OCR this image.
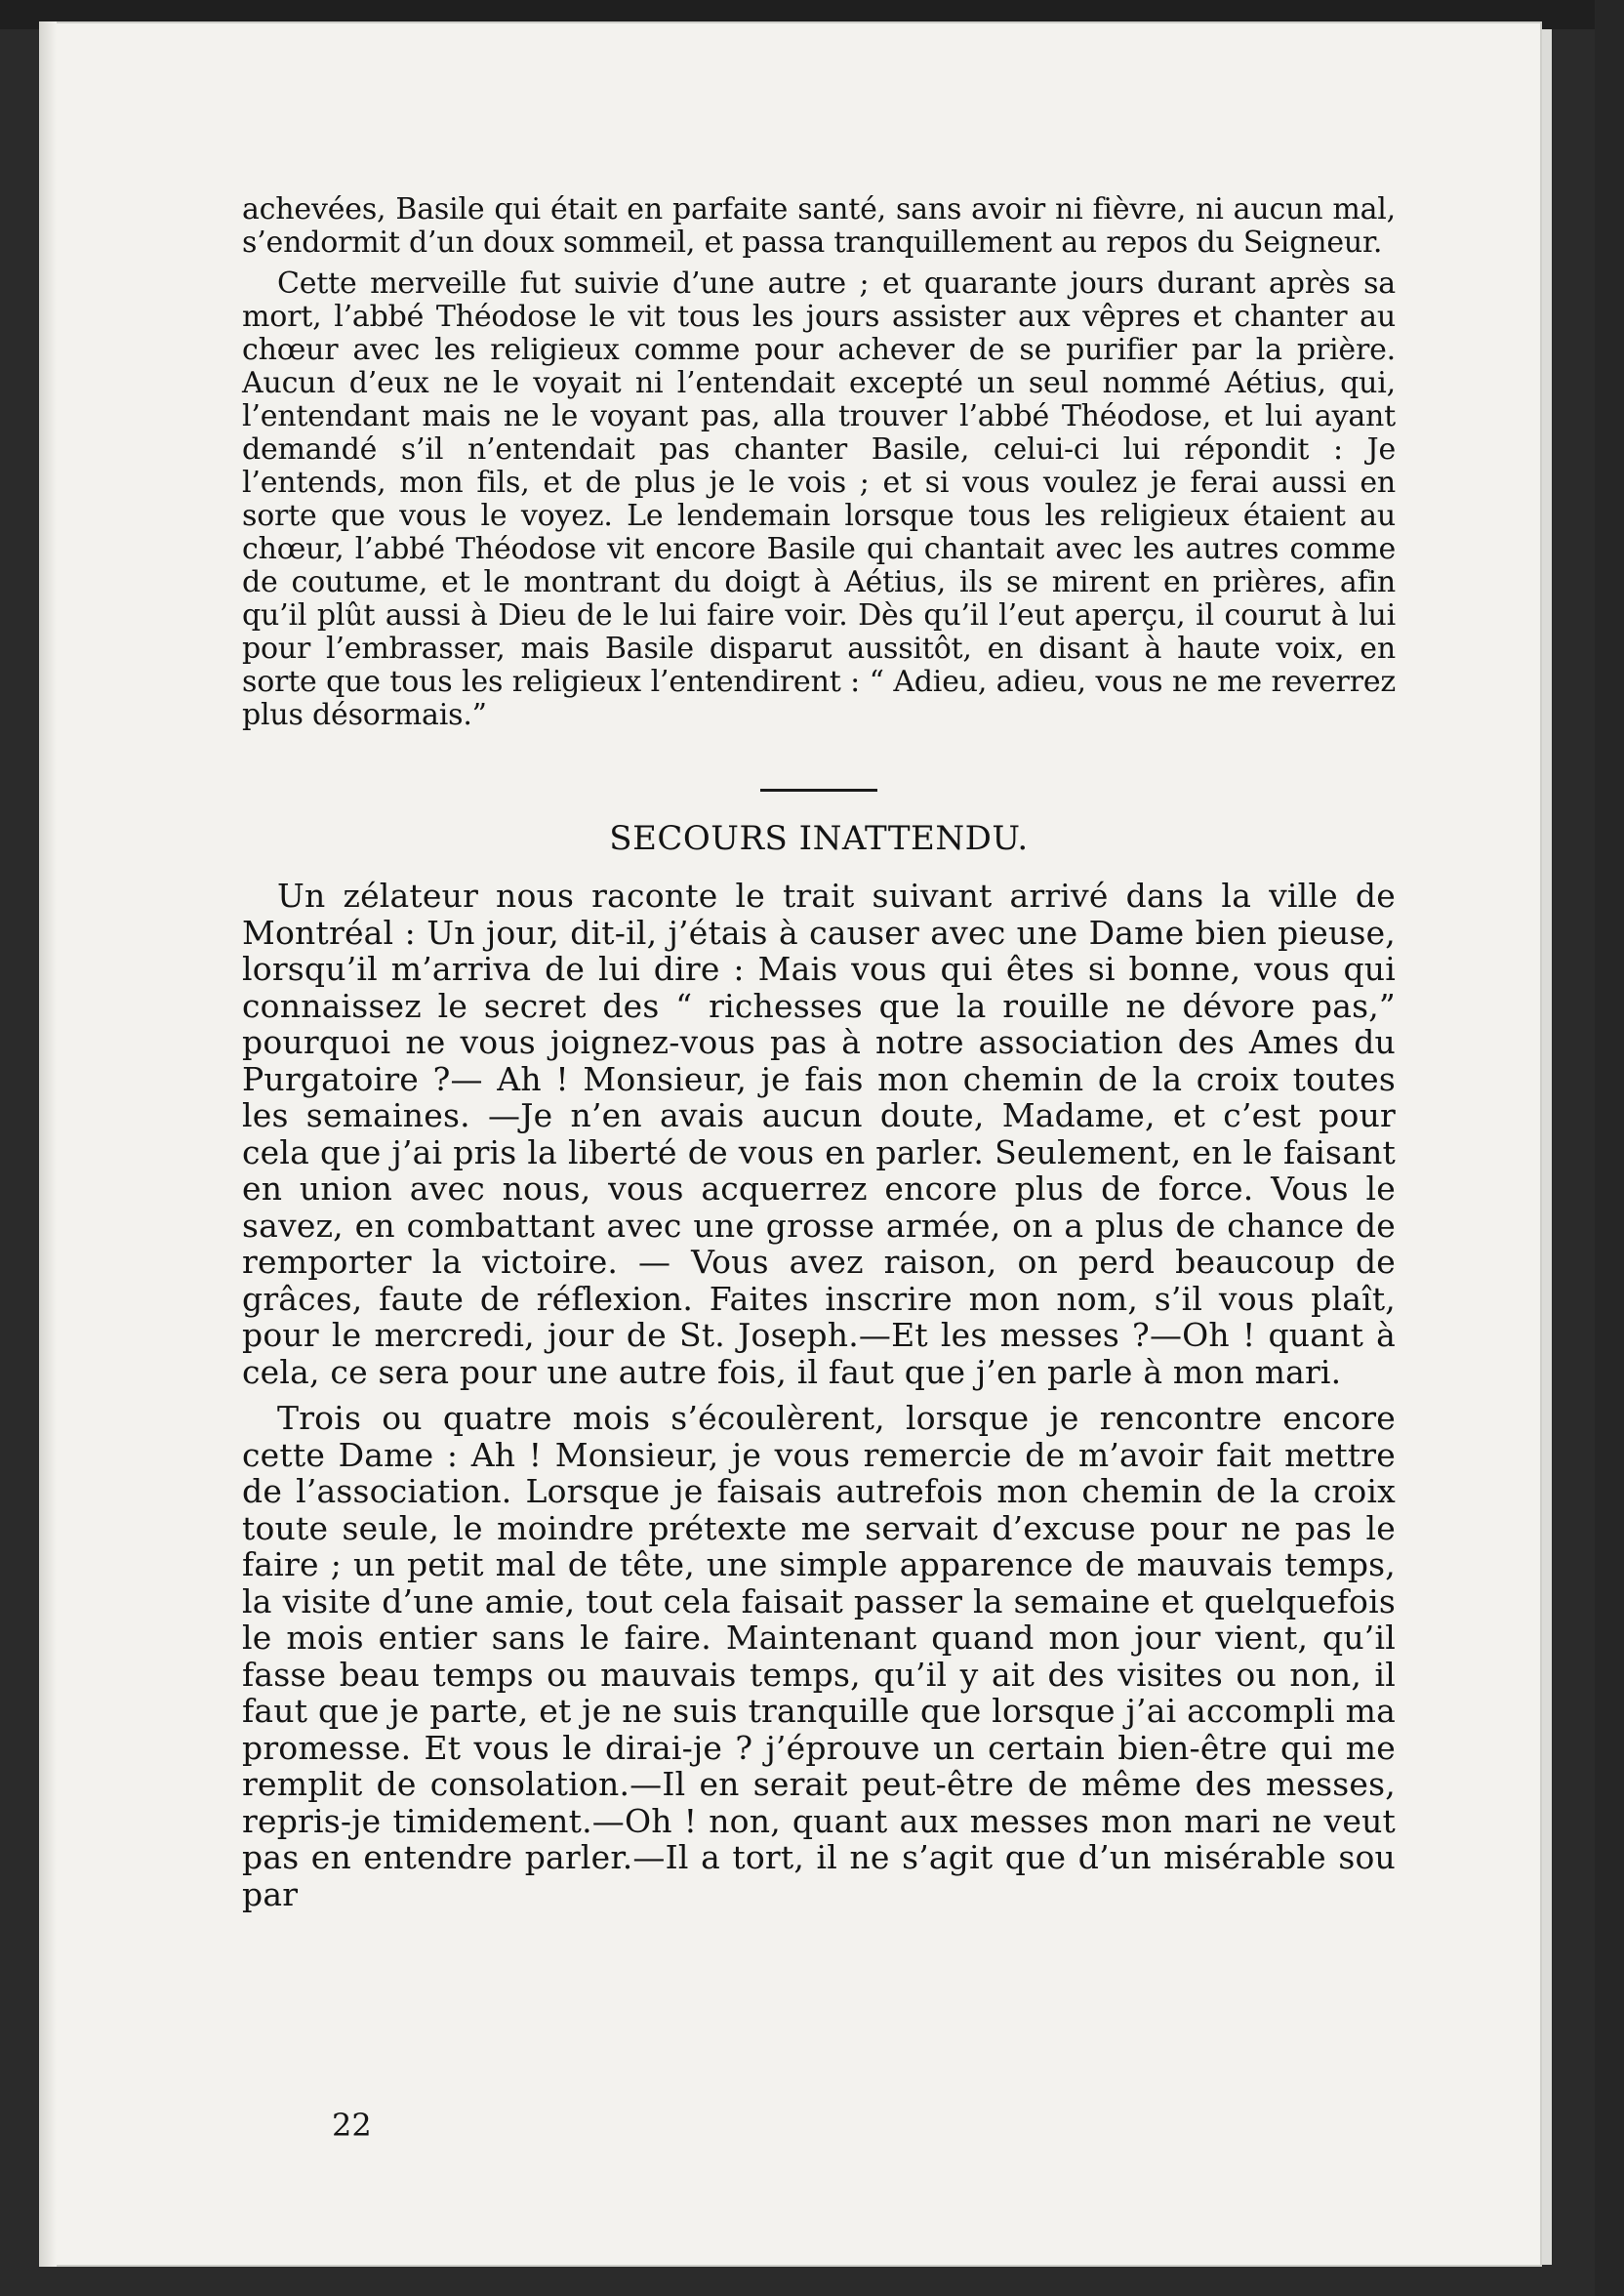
achevées, Basile qui était en parfaite santé, sans avoir ni fièvre, ni aucun mal, s’endormit d’un doux sommeil, et passa tranquillement au repos du Seigneur.

Cette merveille fut suivie d’une autre ; et quarante jours durant après sa mort, l’abbé Théodose le vit tous les jours assister aux vêpres et chanter au chœur avec les religieux comme pour achever de se purifier par la prière. Aucun d’eux ne le voyait ni l’entendait excepté un seul nommé Aétius, qui, l’entendant mais ne le voyant pas, alla trouver l’abbé Théodose, et lui ayant demandé s’il n’entendait pas chanter Basile, celui-ci lui répondit : Je l’entends, mon fils, et de plus je le vois ; et si vous voulez je ferai aussi en sorte que vous le voyez. Le lendemain lorsque tous les religieux étaient au chœur, l’abbé Théodose vit encore Basile qui chantait avec les autres comme de coutume, et le montrant du doigt à Aétius, ils se mirent en prières, afin qu’il plût aussi à Dieu de le lui faire voir. Dès qu’il l’eut aperçu, il courut à lui pour l’embrasser, mais Basile disparut aussitôt, en disant à haute voix, en sorte que tous les religieux l’entendirent : “ Adieu, adieu, vous ne me reverrez plus désormais.”

SECOURS INATTENDU.

Un zélateur nous raconte le trait suivant arrivé dans la ville de Montréal : Un jour, dit-il, j’étais à causer avec une Dame bien pieuse, lorsqu’il m’arriva de lui dire : Mais vous qui êtes si bonne, vous qui connaissez le secret des “ richesses que la rouille ne dévore pas,” pourquoi ne vous joignez-vous pas à notre association des Ames du Purgatoire ?— Ah ! Monsieur, je fais mon chemin de la croix toutes les semaines. —Je n’en avais aucun doute, Madame, et c’est pour cela que j’ai pris la liberté de vous en parler. Seulement, en le faisant en union avec nous, vous acquerrez encore plus de force. Vous le savez, en combattant avec une grosse armée, on a plus de chance de remporter la victoire. — Vous avez raison, on perd beaucoup de grâces, faute de réflexion. Faites inscrire mon nom, s’il vous plaît, pour le mercredi, jour de St. Joseph.—Et les messes ?—Oh ! quant à cela, ce sera pour une autre fois, il faut que j’en parle à mon mari.

Trois ou quatre mois s’écoulèrent, lorsque je rencontre encore cette Dame : Ah ! Monsieur, je vous remercie de m’avoir fait mettre de l’association. Lorsque je faisais autrefois mon chemin de la croix toute seule, le moindre prétexte me servait d’excuse pour ne pas le faire ; un petit mal de tête, une simple apparence de mauvais temps, la visite d’une amie, tout cela faisait passer la semaine et quelquefois le mois entier sans le faire. Maintenant quand mon jour vient, qu’il fasse beau temps ou mauvais temps, qu’il y ait des visites ou non, il faut que je parte, et je ne suis tranquille que lorsque j’ai accompli ma promesse. Et vous le dirai-je ? j’éprouve un certain bien-être qui me remplit de consolation.—Il en serait peut-être de même des messes, repris-je timidement.—Oh ! non, quant aux messes mon mari ne veut pas en entendre parler.—Il a tort, il ne s’agit que d’un misérable sou par

22
